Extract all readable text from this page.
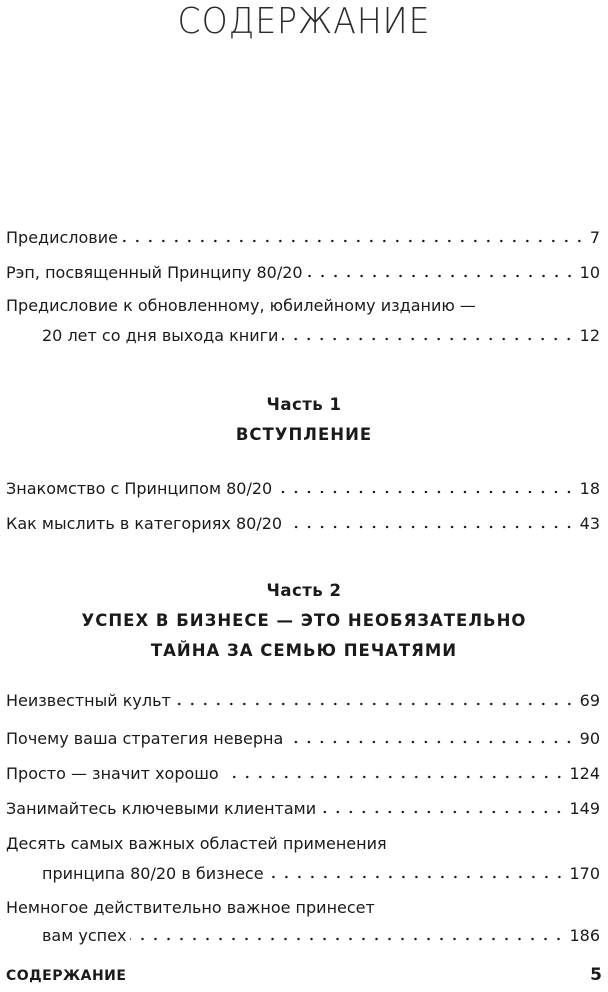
СОДЕРЖАНИЕ
Предисловие	7
Рэп, посвященный Принципу 80/20	10
Предисловие к обновленному, юбилейному изданию —
20 лет со дня выхода книги	12
Часть 1
ВСТУПЛЕНИЕ
Знакомство с Принципом 80/20	18
Как мыслить в категориях 80/20	43
Часть 2
УСПЕХ В БИЗНЕСЕ — ЭТО НЕОБЯЗАТЕЛЬНО
ТАЙНА ЗА СЕМЬЮ ПЕЧАТЯМИ
Неизвестный культ	69
Почему ваша стратегия неверна	90
Просто — значит хорошо	124
Занимайтесь ключевыми клиентами	149
Десять самых важных областей применения
принципа 80/20 в бизнесе	170
Немногое действительно важное принесет
вам успех	186
СОДЕРЖАНИЕ	5
